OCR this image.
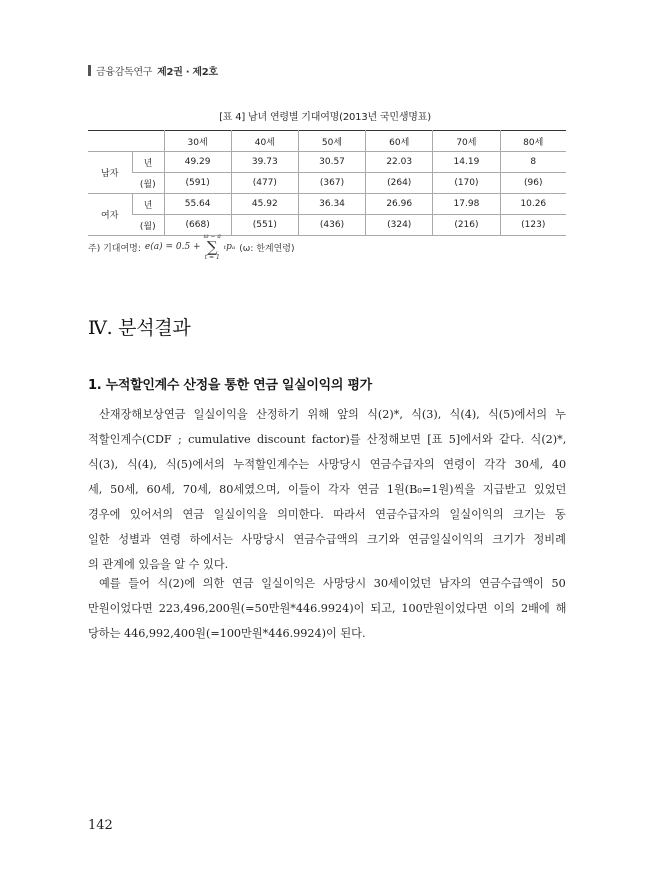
금융감독연구 제2권 · 제2호
[표 4] 남녀 연령별 기대여명(2013년 국민생명표)
		30세	40세	50세	60세	70세	80세
남자	년	49.29	39.73	30.57	22.03	14.19	8
	(월)	(591)	(477)	(367)	(264)	(170)	(96)
여자	년	55.64	45.92	36.34	26.96	17.98	10.26
	(월)	(668)	(551)	(436)	(324)	(216)	(123)
주) 기대여명: e(a) = 0.5 +
ω − a
∑
t = 1
ₜpₐ (ω: 한계연령)
Ⅳ. 분석결과
1. 누적할인계수 산정을 통한 연금 일실이익의 평가
산재장해보상연금 일실이익을 산정하기 위해 앞의 식(2)*, 식(3), 식(4), 식(5)에서의 누
적할인계수(CDF ; cumulative discount factor)를 산정해보면 [표 5]에서와 같다. 식(2)*,
식(3), 식(4), 식(5)에서의 누적할인계수는 사망당시 연금수급자의 연령이 각각 30세, 40
세, 50세, 60세, 70세, 80세였으며, 이들이 각자 연금 1원(B₀=1원)씩을 지급받고 있었던
경우에 있어서의 연금 일실이익을 의미한다. 따라서 연금수급자의 일실이익의 크기는 동
일한 성별과 연령 하에서는 사망당시 연금수급액의 크기와 연금일실이익의 크기가 정비례
의 관계에 있음을 알 수 있다.
예를 들어 식(2)에 의한 연금 일실이익은 사망당시 30세이었던 남자의 연금수급액이 50
만원이었다면 223,496,200원(=50만원*446.9924)이 되고, 100만원이었다면 이의 2배에 해
당하는 446,992,400원(=100만원*446.9924)이 된다.
142
